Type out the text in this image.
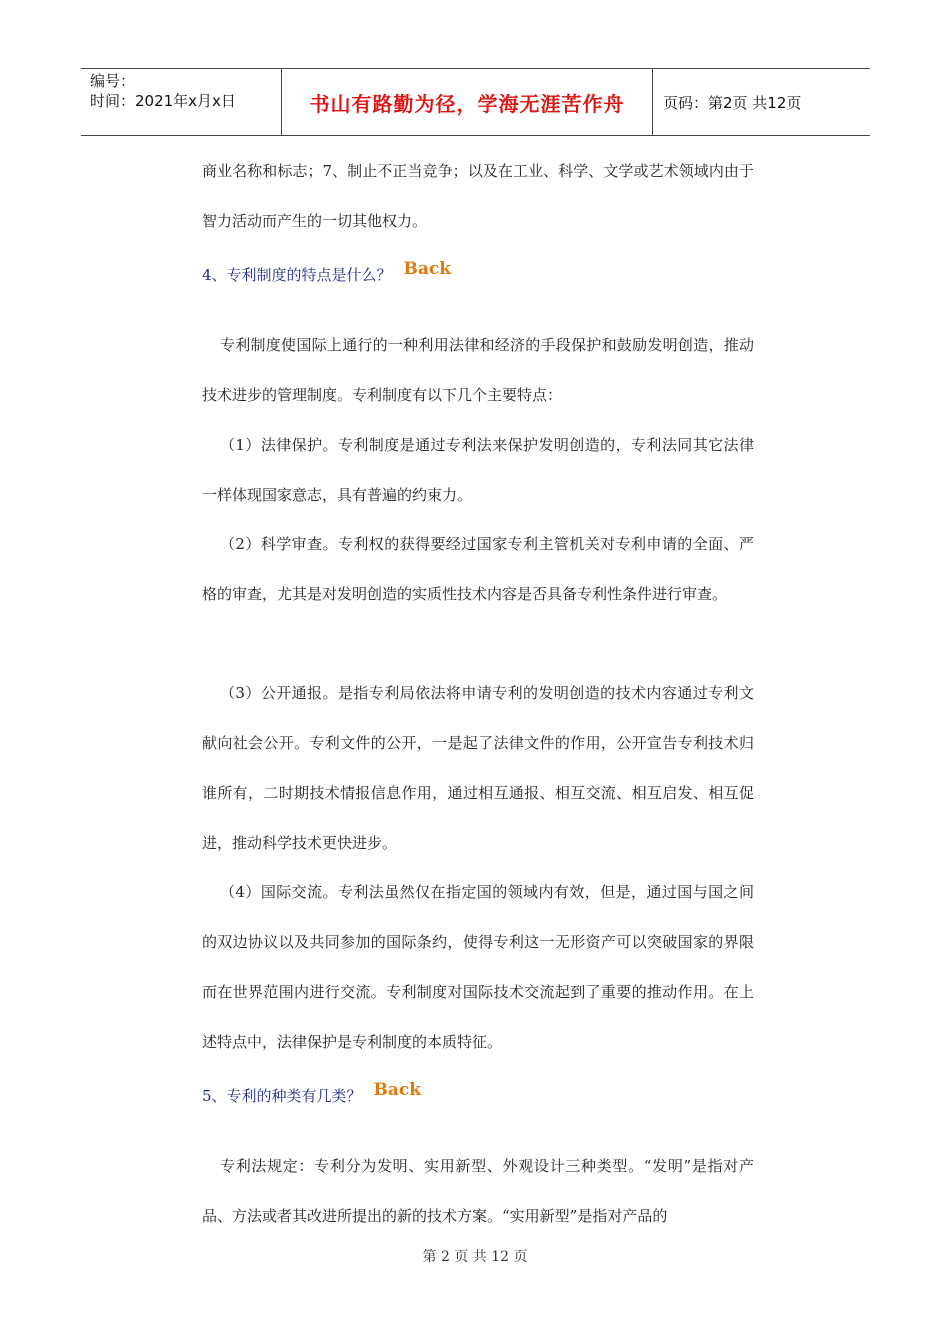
编号：
时间：2021年x月x日	书山有路勤为径，学海无涯苦作舟	页码：第2页 共12页

商业名称和标志；7、制止不正当竞争；以及在工业、科学、文学或艺术领域内由于智力活动而产生的一切其他权力。

4、专利制度的特点是什么？ Back

专利制度使国际上通行的一种利用法律和经济的手段保护和鼓励发明创造，推动技术进步的管理制度。专利制度有以下几个主要特点：

（1）法律保护。专利制度是通过专利法来保护发明创造的，专利法同其它法律一样体现国家意志，具有普遍的约束力。

（2）科学审查。专利权的获得要经过国家专利主管机关对专利申请的全面、严格的审查，尤其是对发明创造的实质性技术内容是否具备专利性条件进行审查。

（3）公开通报。是指专利局依法将申请专利的发明创造的技术内容通过专利文献向社会公开。专利文件的公开，一是起了法律文件的作用，公开宣告专利技术归谁所有，二时期技术情报信息作用，通过相互通报、相互交流、相互启发、相互促进，推动科学技术更快进步。

（4）国际交流。专利法虽然仅在指定国的领域内有效，但是，通过国与国之间的双边协议以及共同参加的国际条约，使得专利这一无形资产可以突破国家的界限而在世界范围内进行交流。专利制度对国际技术交流起到了重要的推动作用。在上述特点中，法律保护是专利制度的本质特征。

5、专利的种类有几类？ Back

专利法规定：专利分为发明、实用新型、外观设计三种类型。“发明”是指对产品、方法或者其改进所提出的新的技术方案。“实用新型”是指对产品的

第 2 页 共 12 页
